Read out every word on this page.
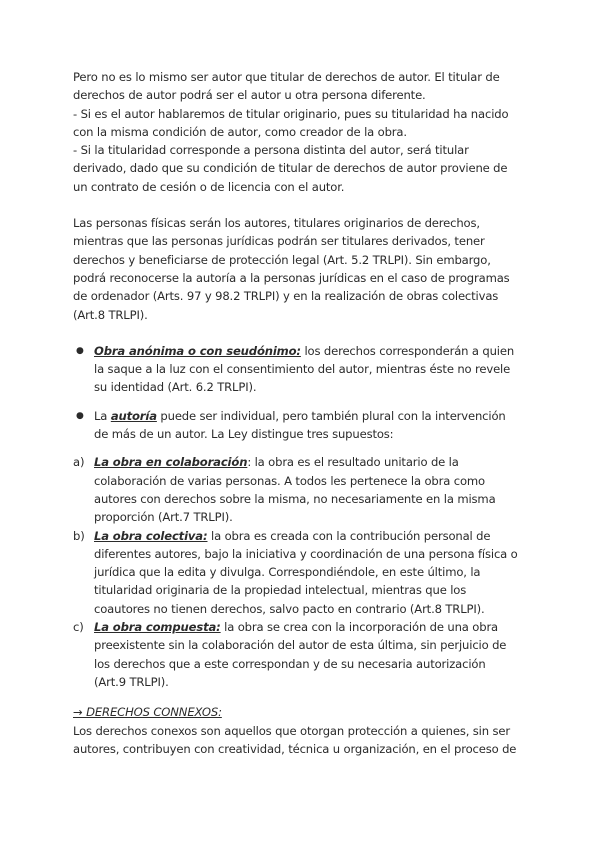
Pero no es lo mismo ser autor que titular de derechos de autor. El titular de derechos de autor podrá ser el autor u otra persona diferente.
- Si es el autor hablaremos de titular originario, pues su titularidad ha nacido con la misma condición de autor, como creador de la obra.
- Si la titularidad corresponde a persona distinta del autor, será titular derivado, dado que su condición de titular de derechos de autor proviene de un contrato de cesión o de licencia con el autor.

Las personas físicas serán los autores, titulares originarios de derechos, mientras que las personas jurídicas podrán ser titulares derivados, tener derechos y beneficiarse de protección legal (Art. 5.2 TRLPI). Sin embargo, podrá reconocerse la autoría a la personas jurídicas en el caso de programas de ordenador (Arts. 97 y 98.2 TRLPI) y en la realización de obras colectivas (Art.8 TRLPI).

● Obra anónima o con seudónimo: los derechos corresponderán a quien la saque a la luz con el consentimiento del autor, mientras éste no revele su identidad (Art. 6.2 TRLPI).
● La autoría puede ser individual, pero también plural con la intervención de más de un autor. La Ley distingue tres supuestos:
a) La obra en colaboración: la obra es el resultado unitario de la colaboración de varias personas. A todos les pertenece la obra como autores con derechos sobre la misma, no necesariamente en la misma proporción (Art.7 TRLPI).
b) La obra colectiva: la obra es creada con la contribución personal de diferentes autores, bajo la iniciativa y coordinación de una persona física o jurídica que la edita y divulga. Correspondiéndole, en este último, la titularidad originaria de la propiedad intelectual, mientras que los coautores no tienen derechos, salvo pacto en contrario (Art.8 TRLPI).
c) La obra compuesta: la obra se crea con la incorporación de una obra preexistente sin la colaboración del autor de esta última, sin perjuicio de los derechos que a este correspondan y de su necesaria autorización (Art.9 TRLPI).

→ DERECHOS CONNEXOS:

Los derechos conexos son aquellos que otorgan protección a quienes, sin ser autores, contribuyen con creatividad, técnica u organización, en el proceso de
